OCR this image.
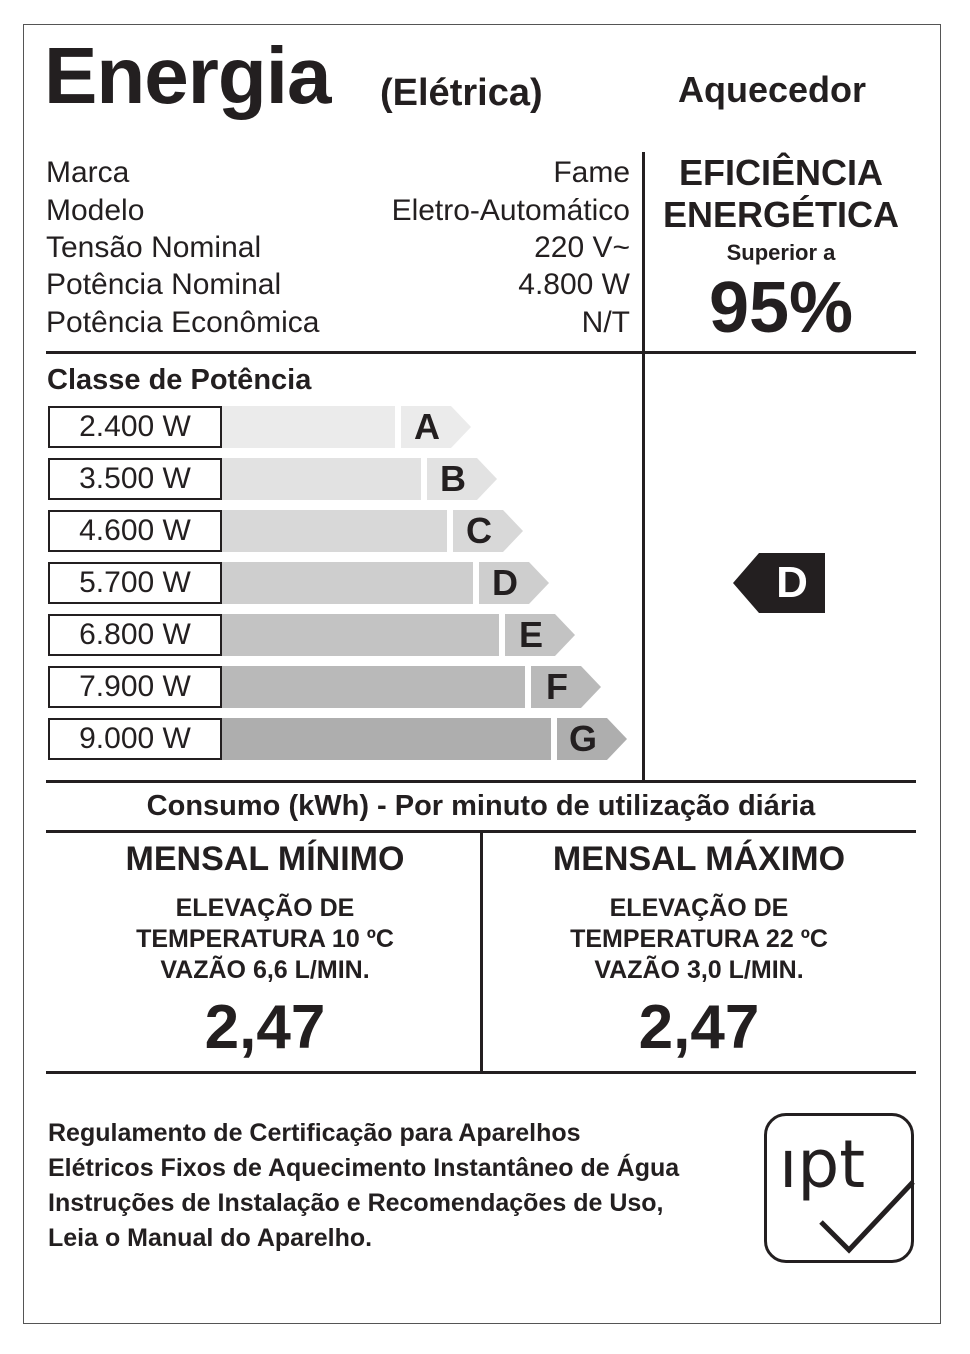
Energia (Elétrica)	Aquecedor
Marca	Fame
Modelo	Eletro-Automático
Tensão Nominal	220 V~
Potência Nominal	4.800 W
Potência Econômica	N/T
EFICIÊNCIA
ENERGÉTICA
Superior a
95%
Classe de Potência
2.400 W	A
3.500 W	B
4.600 W	C
5.700 W	D
6.800 W	E
7.900 W	F
9.000 W	G
D
Consumo (kWh) - Por minuto de utilização diária
MENSAL MÍNIMO
ELEVAÇÃO DE
TEMPERATURA 10 ºC
VAZÃO 6,6 L/MIN.
2,47
MENSAL MÁXIMO
ELEVAÇÃO DE
TEMPERATURA 22 ºC
VAZÃO 3,0 L/MIN.
2,47
Regulamento de Certificação para Aparelhos
Elétricos Fixos de Aquecimento Instantâneo de Água
Instruções de Instalação e Recomendações de Uso,
Leia o Manual do Aparelho.
ıpt
